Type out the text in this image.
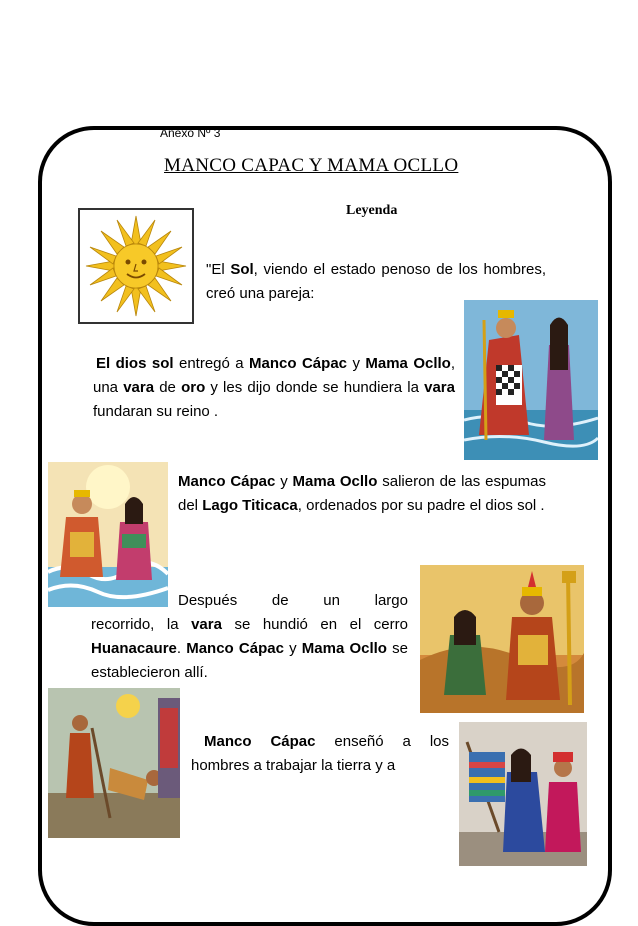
Anexo Nº 3
MANCO CAPAC Y MAMA OCLLO
Leyenda
"El Sol, viendo el estado penoso de los hombres, creó una pareja:
El dios sol entregó a Manco Cápac y Mama Ocllo, una vara de oro y les dijo donde se hundiera la vara fundaran su reino .
Manco Cápac y Mama Ocllo salieron de las espumas del Lago Titicaca, ordenados por su padre el dios sol .
Después de un largo
recorrido, la vara se hundió en el cerro Huanacaure. Manco Cápac y Mama Ocllo se establecieron allí.
Manco Cápac enseñó a los hombres a trabajar la tierra y a
